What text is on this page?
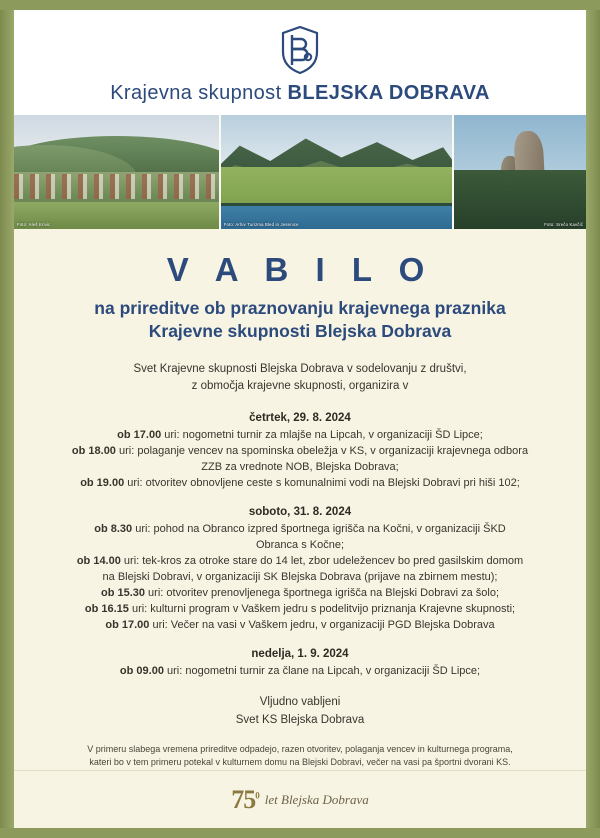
Krajevna skupnost BLEJSKA DOBRAVA
Foto: Aleš Krivic	Foto: Arhiv Turizma Bled in Jesenice	Foto: Srečo Kavčič
V A B I L O
na prireditve ob praznovanju krajevnega praznika
Krajevne skupnosti Blejska Dobrava
Svet Krajevne skupnosti Blejska Dobrava v sodelovanju z društvi,
z območja krajevne skupnosti, organizira v
četrtek, 29. 8. 2024
ob 17.00 uri: nogometni turnir za mlajše na Lipcah, v organizaciji ŠD Lipce;
ob 18.00 uri: polaganje vencev na spominska obeležja v KS, v organizaciji krajevnega odbora
ZZB za vrednote NOB, Blejska Dobrava;
ob 19.00 uri: otvoritev obnovljene ceste s komunalnimi vodi na Blejski Dobravi pri hiši 102;
soboto, 31. 8. 2024
ob 8.30 uri: pohod na Obranco izpred športnega igrišča na Kočni, v organizaciji ŠKD
Obranca s Kočne;
ob 14.00 uri: tek-kros za otroke stare do 14 let, zbor udeležencev bo pred gasilskim domom
na Blejski Dobravi, v organizaciji SK Blejska Dobrava (prijave na zbirnem mestu);
ob 15.30 uri: otvoritev prenovljenega športnega igrišča na Blejski Dobravi za šolo;
ob 16.15 uri: kulturni program v Vaškem jedru s podelitvijo priznanja Krajevne skupnosti;
ob 17.00 uri: Večer na vasi v Vaškem jedru, v organizaciji PGD Blejska Dobrava
nedelja, 1. 9. 2024
ob 09.00 uri: nogometni turnir za člane na Lipcah, v organizaciji ŠD Lipce;
Vljudno vabljeni
Svet KS Blejska Dobrava
V primeru slabega vremena prireditve odpadejo, razen otvoritev, polaganja vencev in kulturnega programa,
kateri bo v tem primeru potekal v kulturnem domu na Blejski Dobravi, večer na vasi pa športni dvorani KS.
$75^0$ let Blejska Dobrava
